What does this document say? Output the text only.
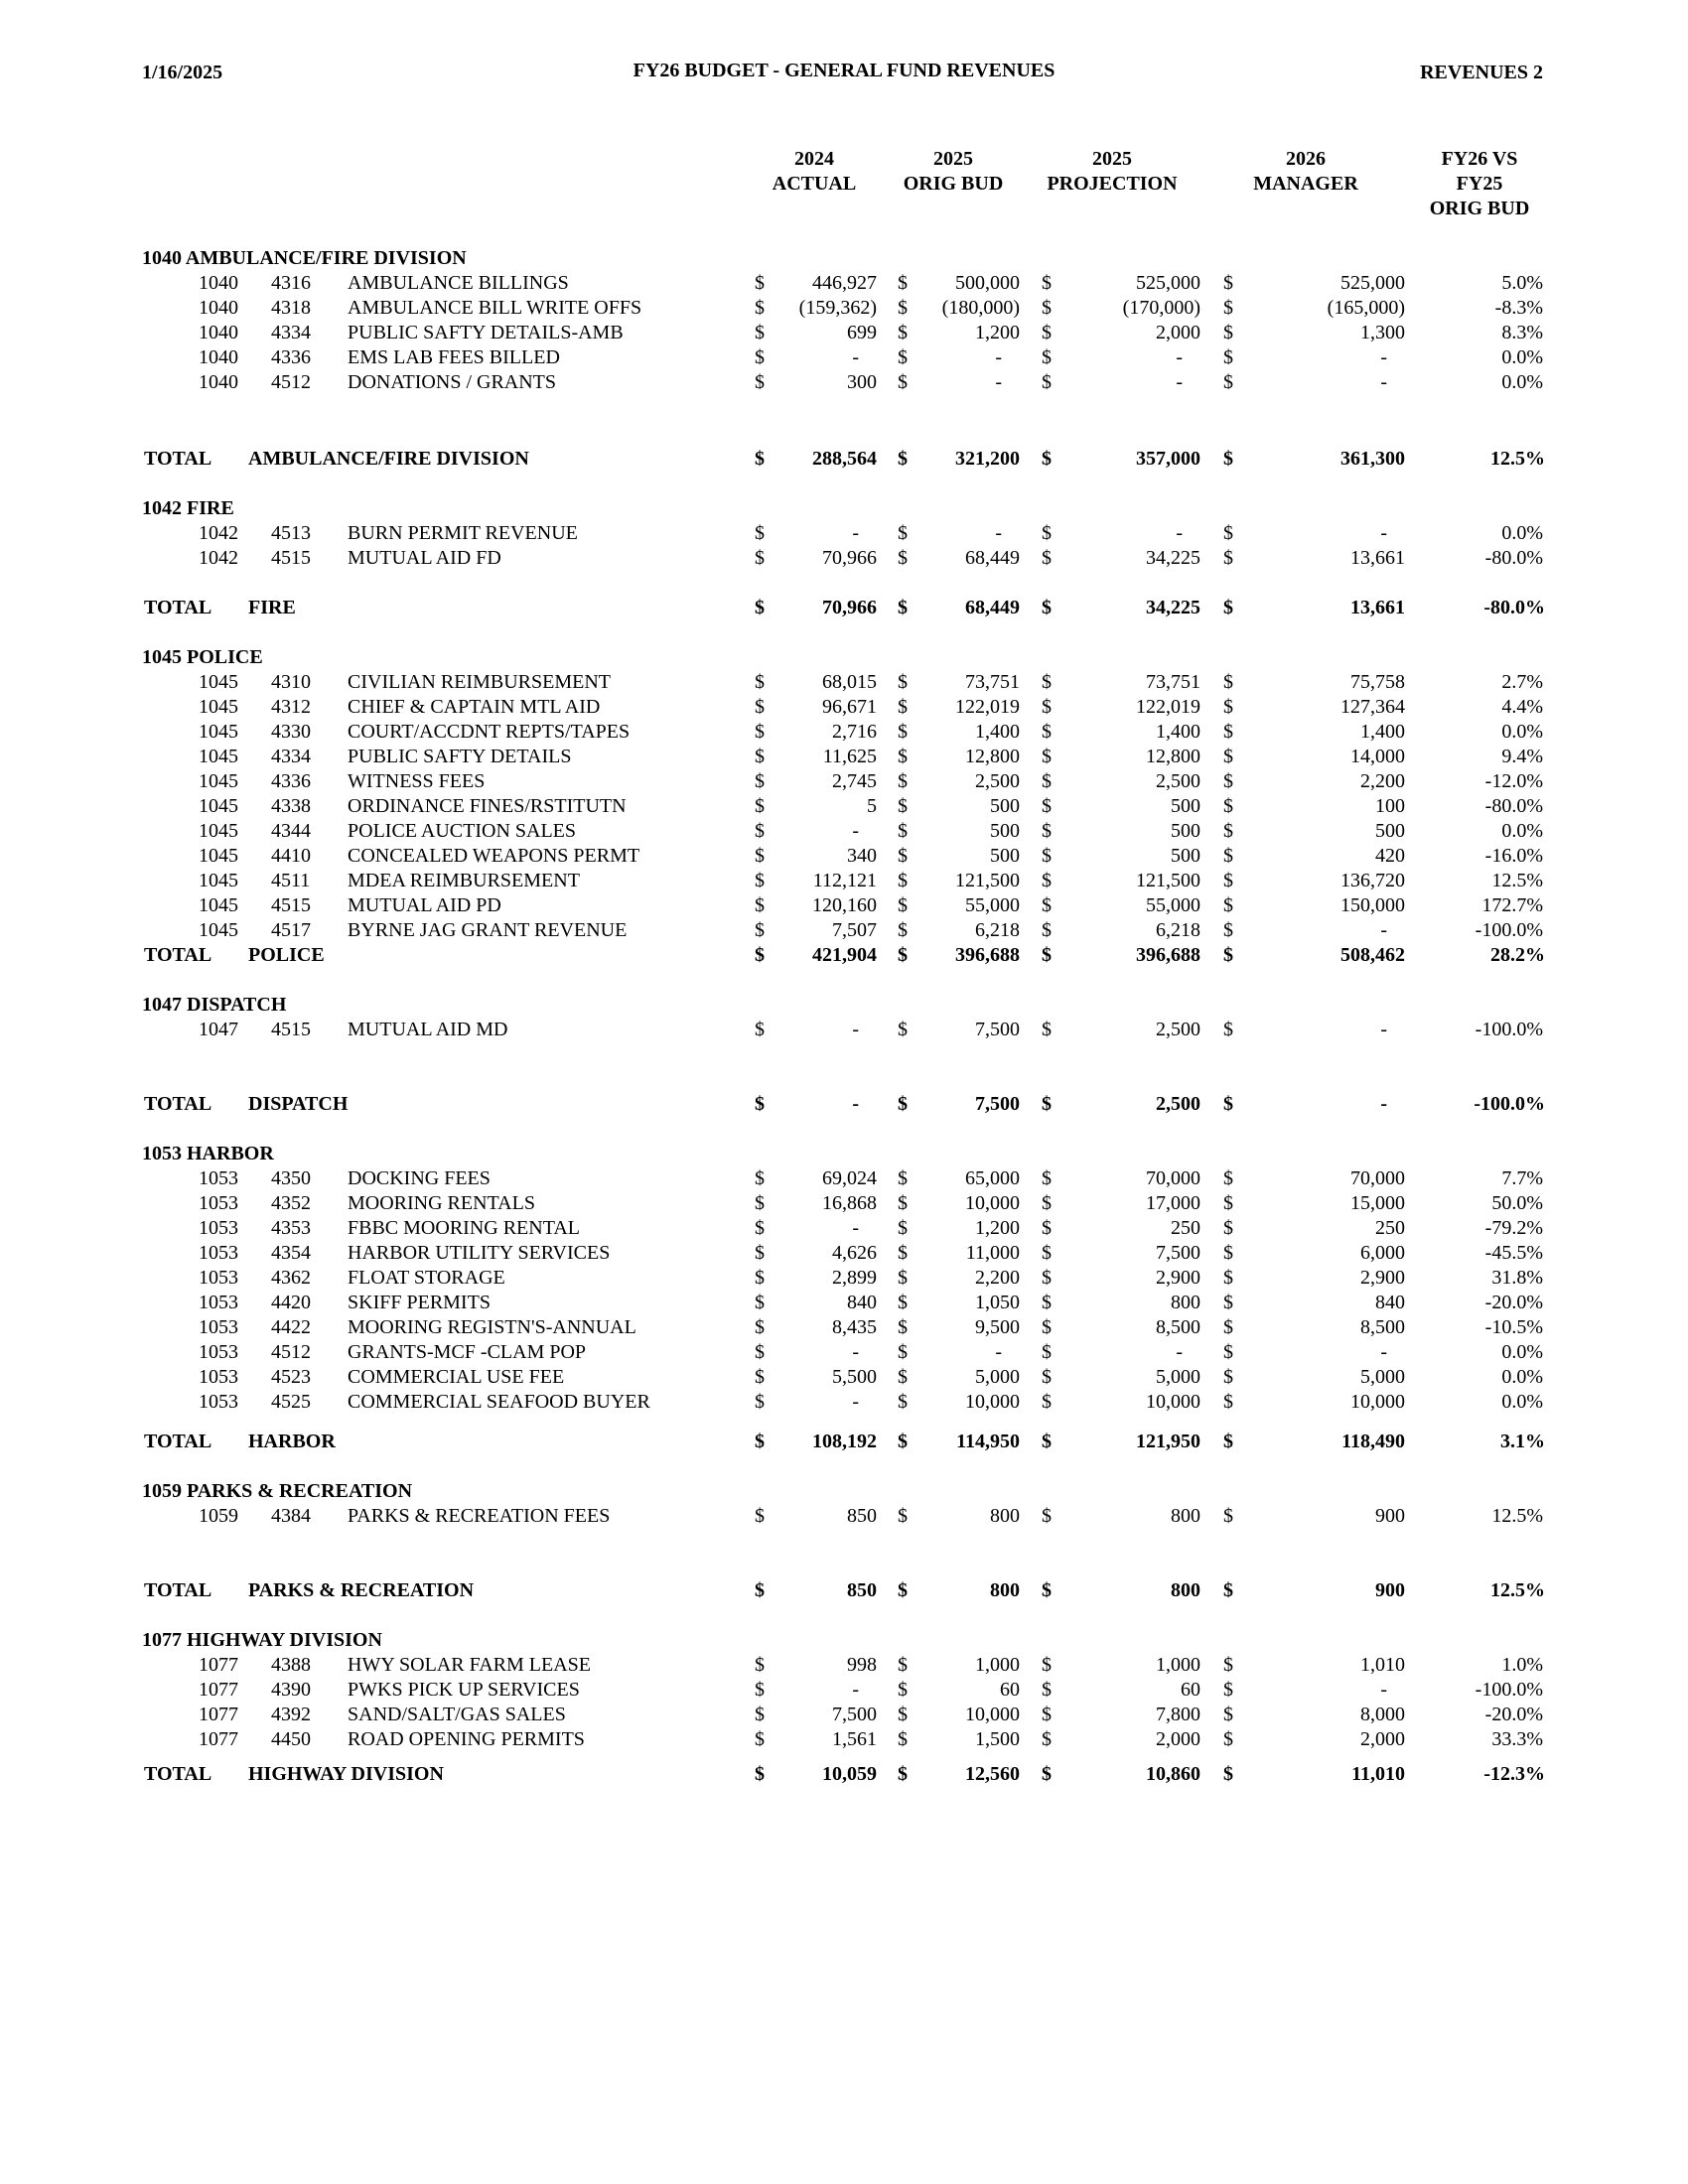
1/16/2025	FY26 BUDGET - GENERAL FUND REVENUES	REVENUES 2
2024
ACTUAL
2025
ORIG BUD
2025
PROJECTION
2026
MANAGER
FY26 VS
FY25
ORIG BUD
1040 AMBULANCE/FIRE DIVISION
1040 4316 AMBULANCE BILLINGS	$ 446,927 $ 500,000 $	525,000 $	525,000	5.0%
1040 4318 AMBULANCE BILL WRITE OFFS	$ (159,362) $ (180,000) $	(170,000) $	(165,000)	-8.3%
1040 4334 PUBLIC SAFTY DETAILS-AMB	$	699 $	1,200 $	2,000 $	1,300	8.3%
1040 4336 EMS LAB FEES BILLED	$	- $	- $	- $	-	0.0%
1040 4512 DONATIONS / GRANTS	$	300 $	- $	- $	-	0.0%
TOTAL AMBULANCE/FIRE DIVISION	$ 288,564 $ 321,200 $	357,000 $	361,300	12.5%
1042 FIRE
1042 4513 BURN PERMIT REVENUE	$	- $	- $	- $	-	0.0%
1042 4515 MUTUAL AID FD	$	70,966 $	68,449 $	34,225 $	13,661	-80.0%
TOTAL FIRE	$	70,966 $	68,449 $	34,225 $	13,661	-80.0%
1045 POLICE
1045 4310 CIVILIAN REIMBURSEMENT	$	68,015 $	73,751 $	73,751 $	75,758	2.7%
1045 4312 CHIEF & CAPTAIN MTL AID	$	96,671 $ 122,019 $	122,019 $	127,364	4.4%
1045 4330 COURT/ACCDNT REPTS/TAPES	$	2,716 $	1,400 $	1,400 $	1,400	0.0%
1045 4334 PUBLIC SAFTY DETAILS	$	11,625 $	12,800 $	12,800 $	14,000	9.4%
1045 4336 WITNESS FEES	$	2,745 $	2,500 $	2,500 $	2,200	-12.0%
1045 4338 ORDINANCE FINES/RSTITUTN	$	5 $	500 $	500 $	100	-80.0%
1045 4344 POLICE AUCTION SALES	$	- $	500 $	500 $	500	0.0%
1045 4410 CONCEALED WEAPONS PERMT	$	340 $	500 $	500 $	420	-16.0%
1045 4511 MDEA REIMBURSEMENT	$ 112,121 $ 121,500 $	121,500 $	136,720	12.5%
1045 4515 MUTUAL AID PD	$ 120,160 $	55,000 $	55,000 $	150,000	172.7%
1045 4517 BYRNE JAG GRANT REVENUE	$	7,507 $	6,218 $	6,218 $	-	-100.0%
TOTAL POLICE	$ 421,904 $ 396,688 $	396,688 $	508,462	28.2%
1047 DISPATCH
1047 4515 MUTUAL AID MD	$	- $	7,500 $	2,500 $	-	-100.0%
TOTAL DISPATCH	$	- $	7,500 $	2,500 $	-	-100.0%
1053 HARBOR
1053 4350 DOCKING FEES	$	69,024 $	65,000 $	70,000 $	70,000	7.7%
1053 4352 MOORING RENTALS	$	16,868 $	10,000 $	17,000 $	15,000	50.0%
1053 4353 FBBC MOORING RENTAL	$	- $	1,200 $	250 $	250	-79.2%
1053 4354 HARBOR UTILITY SERVICES	$	4,626 $	11,000 $	7,500 $	6,000	-45.5%
1053 4362 FLOAT STORAGE	$	2,899 $	2,200 $	2,900 $	2,900	31.8%
1053 4420 SKIFF PERMITS	$	840 $	1,050 $	800 $	840	-20.0%
1053 4422 MOORING REGISTN'S-ANNUAL	$	8,435 $	9,500 $	8,500 $	8,500	-10.5%
1053 4512 GRANTS-MCF -CLAM POP	$	- $	- $	- $	-	0.0%
1053 4523 COMMERCIAL USE FEE	$	5,500 $	5,000 $	5,000 $	5,000	0.0%
1053 4525 COMMERCIAL SEAFOOD BUYER	$	- $	10,000 $	10,000 $	10,000	0.0%
TOTAL HARBOR	$ 108,192 $ 114,950 $	121,950 $	118,490	3.1%
1059 PARKS & RECREATION
1059 4384 PARKS & RECREATION FEES	$	850 $	800 $	800 $	900	12.5%
TOTAL PARKS & RECREATION	$	850 $	800 $	800 $	900	12.5%
1077 HIGHWAY DIVISION
1077 4388 HWY SOLAR FARM LEASE	$	998 $	1,000 $	1,000 $	1,010	1.0%
1077 4390 PWKS PICK UP SERVICES	$	- $	60 $	60 $	-	-100.0%
1077 4392 SAND/SALT/GAS SALES	$	7,500 $	10,000 $	7,800 $	8,000	-20.0%
1077 4450 ROAD OPENING PERMITS	$	1,561 $	1,500 $	2,000 $	2,000	33.3%
TOTAL HIGHWAY DIVISION	$	10,059 $	12,560 $	10,860 $	11,010	-12.3%
